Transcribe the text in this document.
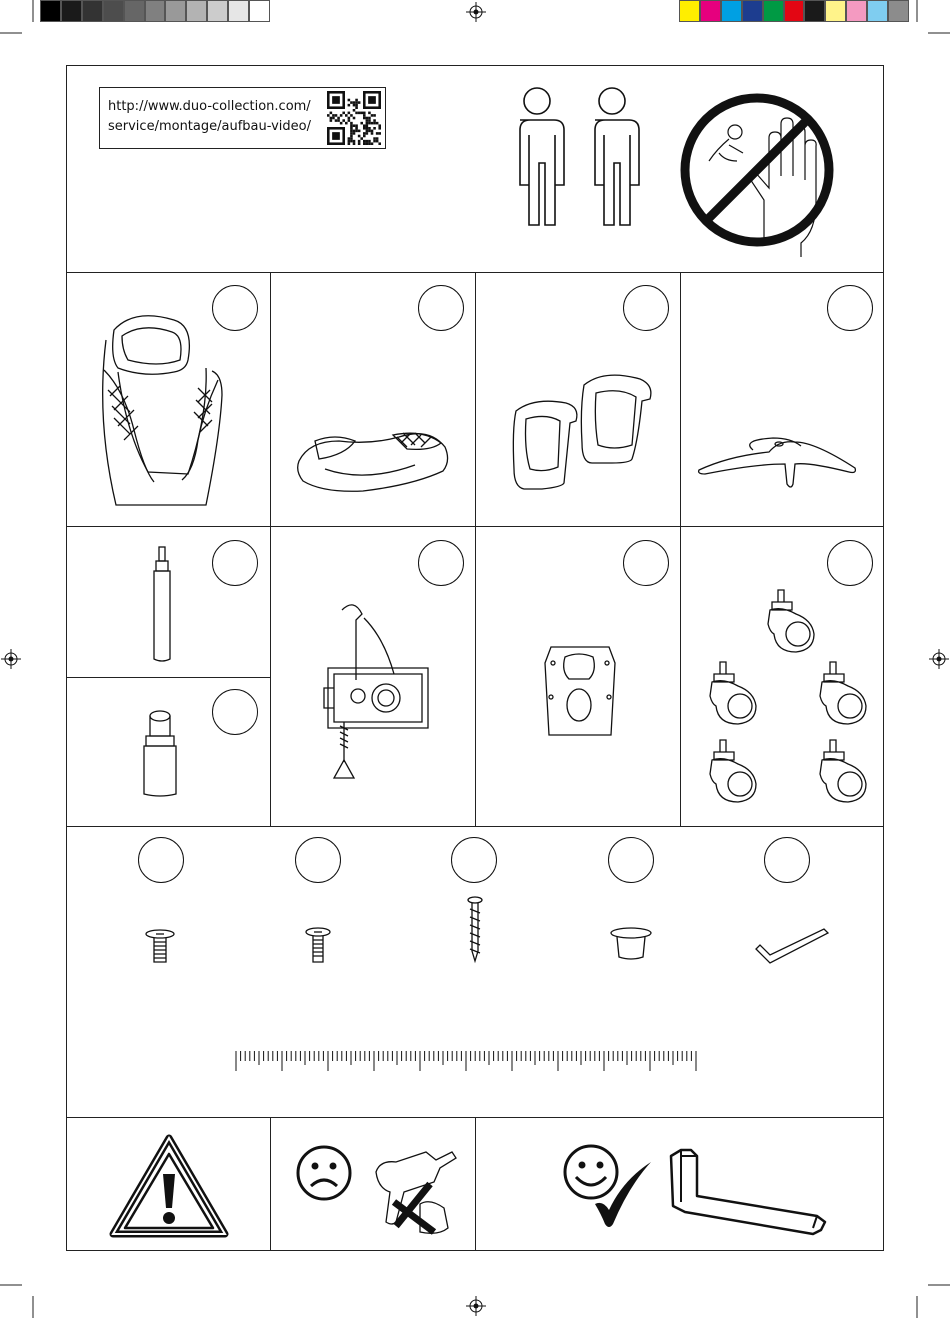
http://www.duo-collection.com/
service/montage/aufbau-video/
